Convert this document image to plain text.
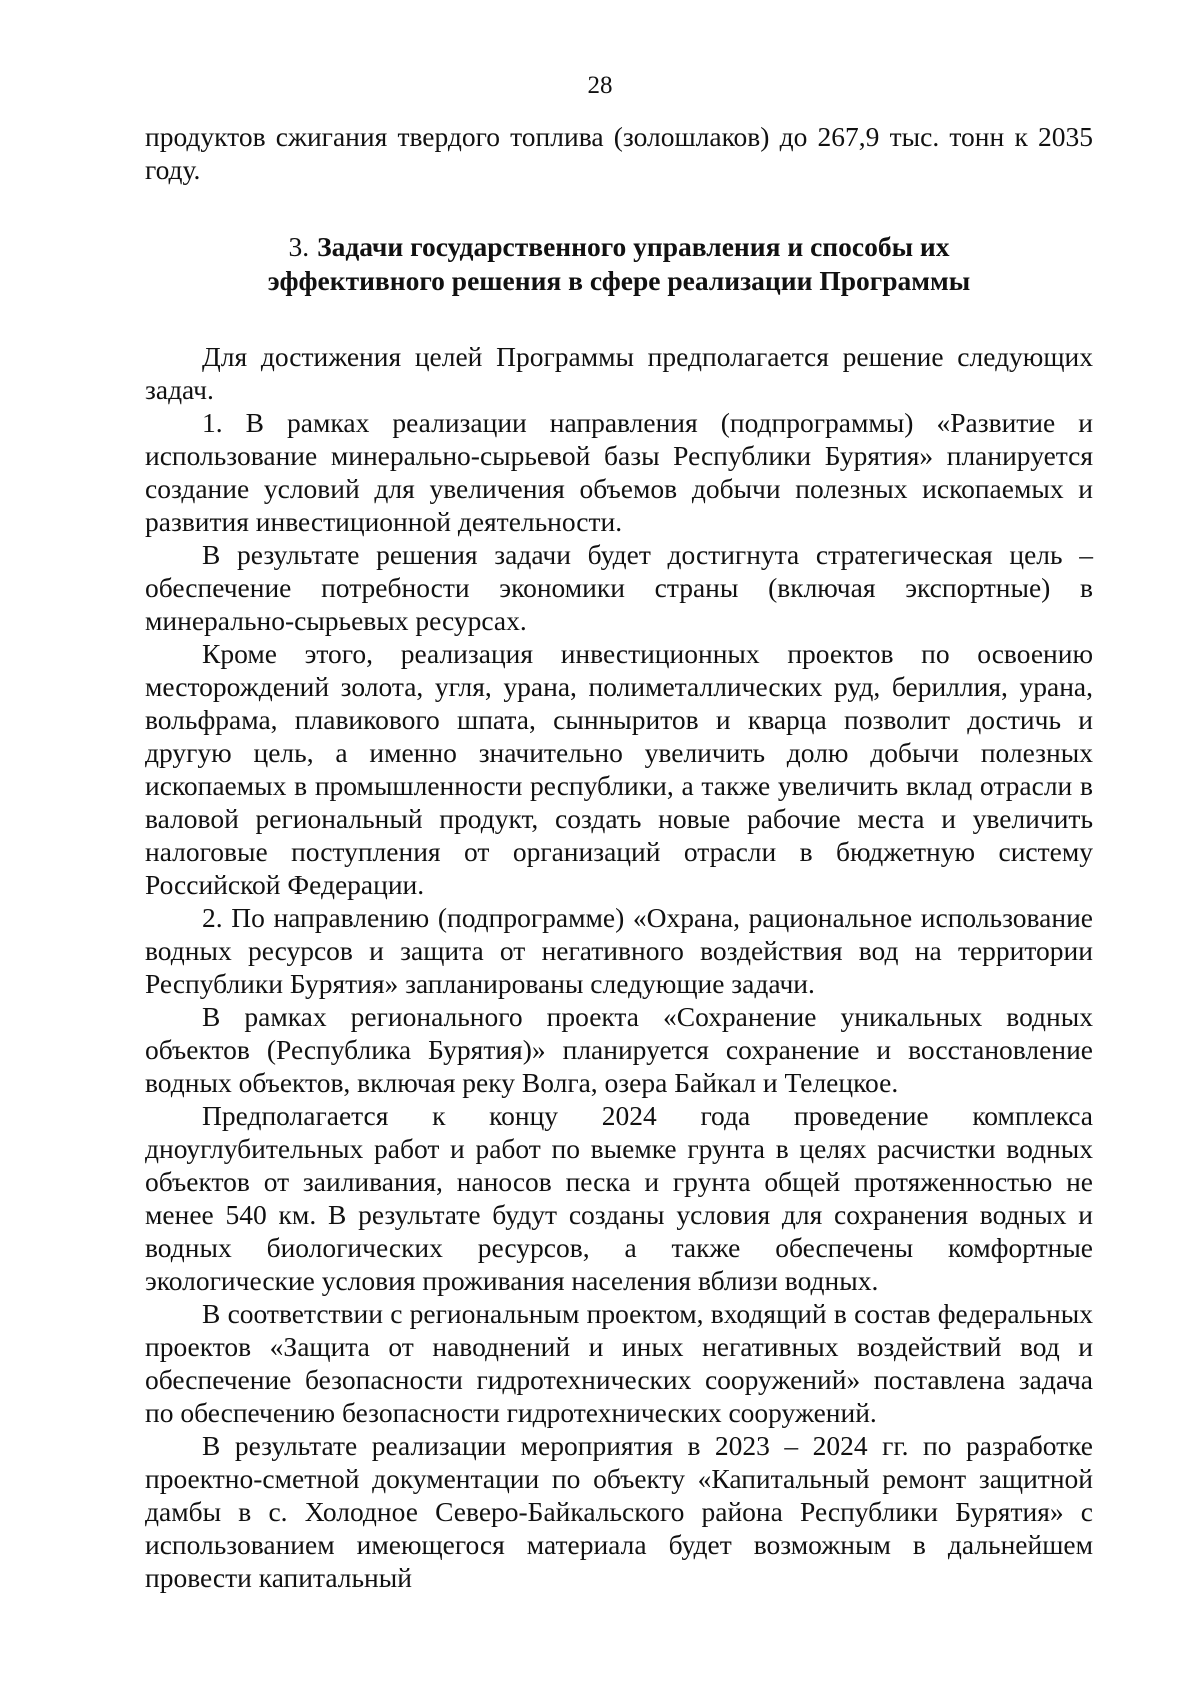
28

продуктов сжигания твердого топлива (золошлаков) до 267,9 тыс. тонн к 2035 году.

3. Задачи государственного управления и способы их
эффективного решения в сфере реализации Программы

Для достижения целей Программы предполагается решение следующих задач.

1. В рамках реализации направления (подпрограммы) «Развитие и использование минерально-сырьевой базы Республики Бурятия» планируется создание условий для увеличения объемов добычи полезных ископаемых и развития инвестиционной деятельности.

В результате решения задачи будет достигнута стратегическая цель – обеспечение потребности экономики страны (включая экспортные) в минерально-сырьевых ресурсах.

Кроме этого, реализация инвестиционных проектов по освоению месторождений золота, угля, урана, полиметаллических руд, бериллия, урана, вольфрама, плавикового шпата, сынныритов и кварца позволит достичь и другую цель, а именно значительно увеличить долю добычи полезных ископаемых в промышленности республики, а также увеличить вклад отрасли в валовой региональный продукт, создать новые рабочие места и увеличить налоговые поступления от организаций отрасли в бюджетную систему Российской Федерации.

2. По направлению (подпрограмме) «Охрана, рациональное использование водных ресурсов и защита от негативного воздействия вод на территории Республики Бурятия» запланированы следующие задачи.

В рамках регионального проекта «Сохранение уникальных водных объектов (Республика Бурятия)» планируется сохранение и восстановление водных объектов, включая реку Волга, озера Байкал и Телецкое.

Предполагается к концу 2024 года проведение комплекса дноуглубительных работ и работ по выемке грунта в целях расчистки водных объектов от заиливания, наносов песка и грунта общей протяженностью не менее 540 км. В результате будут созданы условия для сохранения водных и водных биологических ресурсов, а также обеспечены комфортные экологические условия проживания населения вблизи водных.

В соответствии с региональным проектом, входящий в состав федеральных проектов «Защита от наводнений и иных негативных воздействий вод и обеспечение безопасности гидротехнических сооружений» поставлена задача по обеспечению безопасности гидротехнических сооружений.

В результате реализации мероприятия в 2023 – 2024 гг. по разработке проектно-сметной документации по объекту «Капитальный ремонт защитной дамбы в с. Холодное Северо-Байкальского района Республики Бурятия» с использованием имеющегося материала будет возможным в дальнейшем провести капитальный
